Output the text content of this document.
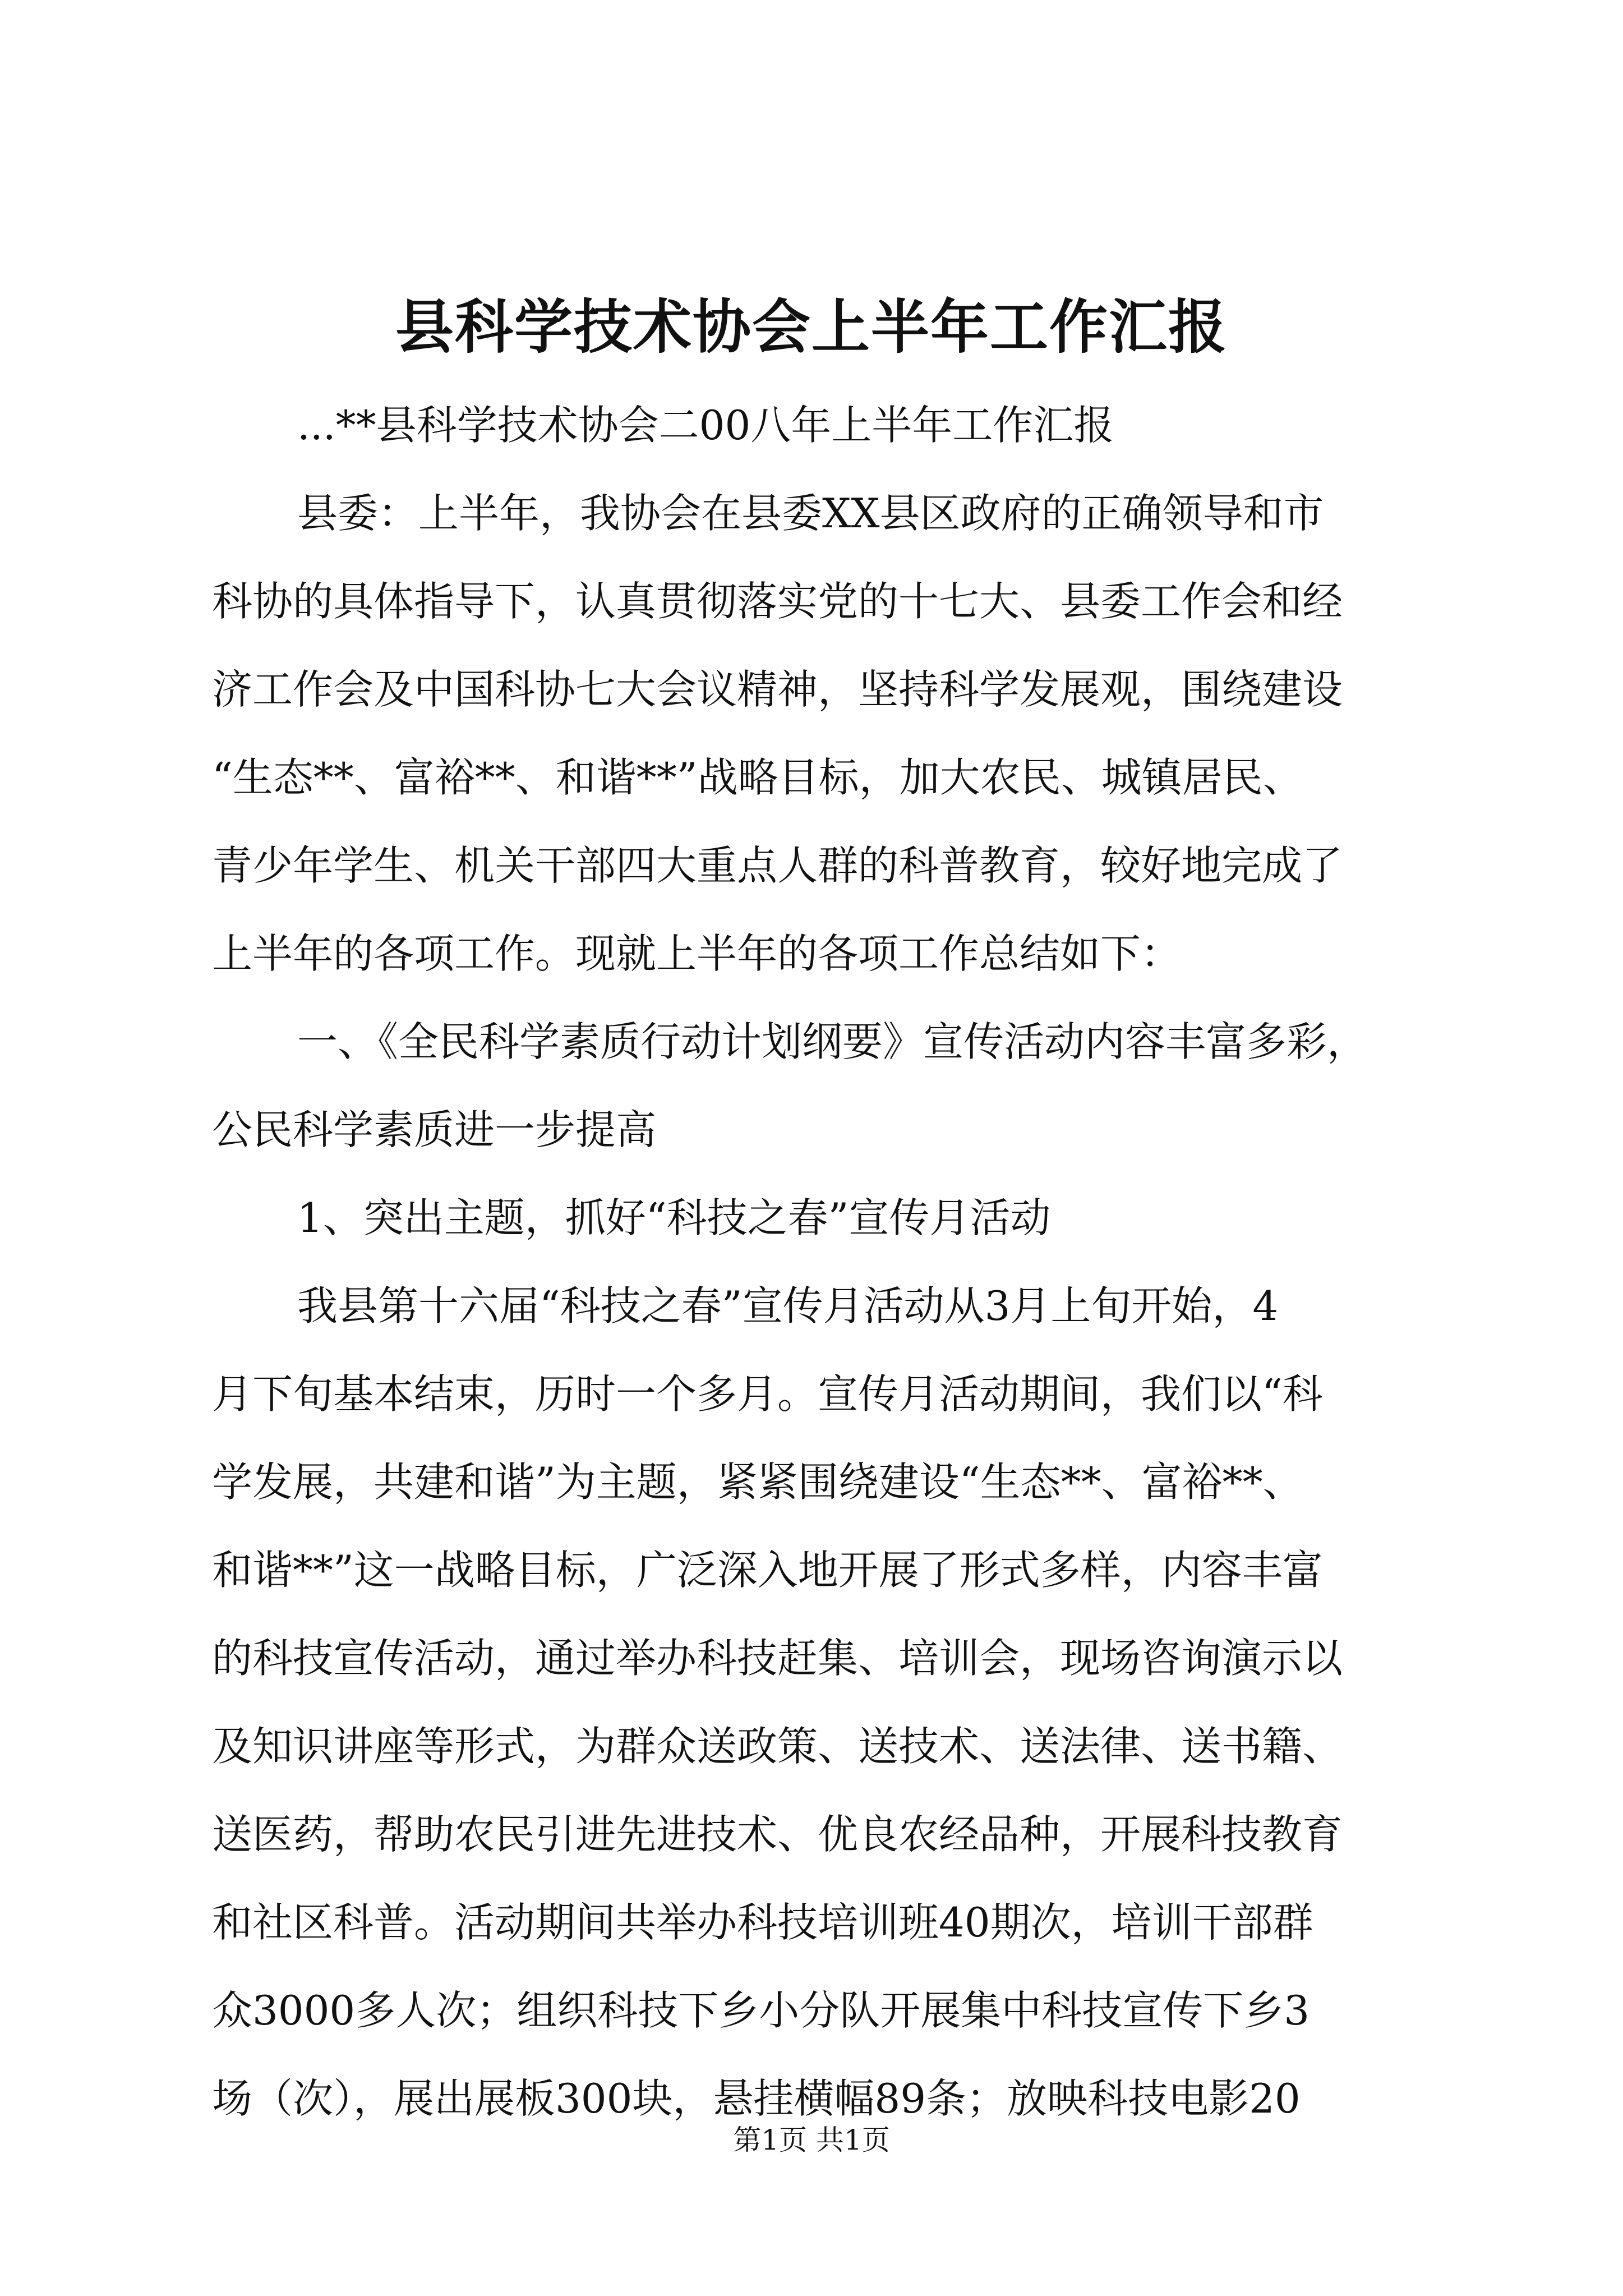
县科学技术协会上半年工作汇报
...**县科学技术协会二00八年上半年工作汇报
县委：上半年，我协会在县委XX县区政府的正确领导和市
科协的具体指导下，认真贯彻落实党的十七大、县委工作会和经
济工作会及中国科协七大会议精神，坚持科学发展观，围绕建设
“生态**、富裕**、和谐**”战略目标，加大农民、城镇居民、
青少年学生、机关干部四大重点人群的科普教育，较好地完成了
上半年的各项工作。现就上半年的各项工作总结如下：
一、《全民科学素质行动计划纲要》宣传活动内容丰富多彩，
公民科学素质进一步提高
1、突出主题，抓好“科技之春”宣传月活动
我县第十六届“科技之春”宣传月活动从3月上旬开始，4
月下旬基本结束，历时一个多月。宣传月活动期间，我们以“科
学发展，共建和谐”为主题，紧紧围绕建设“生态**、富裕**、
和谐**”这一战略目标，广泛深入地开展了形式多样，内容丰富
的科技宣传活动，通过举办科技赶集、培训会，现场咨询演示以
及知识讲座等形式，为群众送政策、送技术、送法律、送书籍、
送医药，帮助农民引进先进技术、优良农经品种，开展科技教育
和社区科普。活动期间共举办科技培训班40期次，培训干部群
众3000多人次；组织科技下乡小分队开展集中科技宣传下乡3
场（次），展出展板300块，悬挂横幅89条；放映科技电影20
第1页 共1页
